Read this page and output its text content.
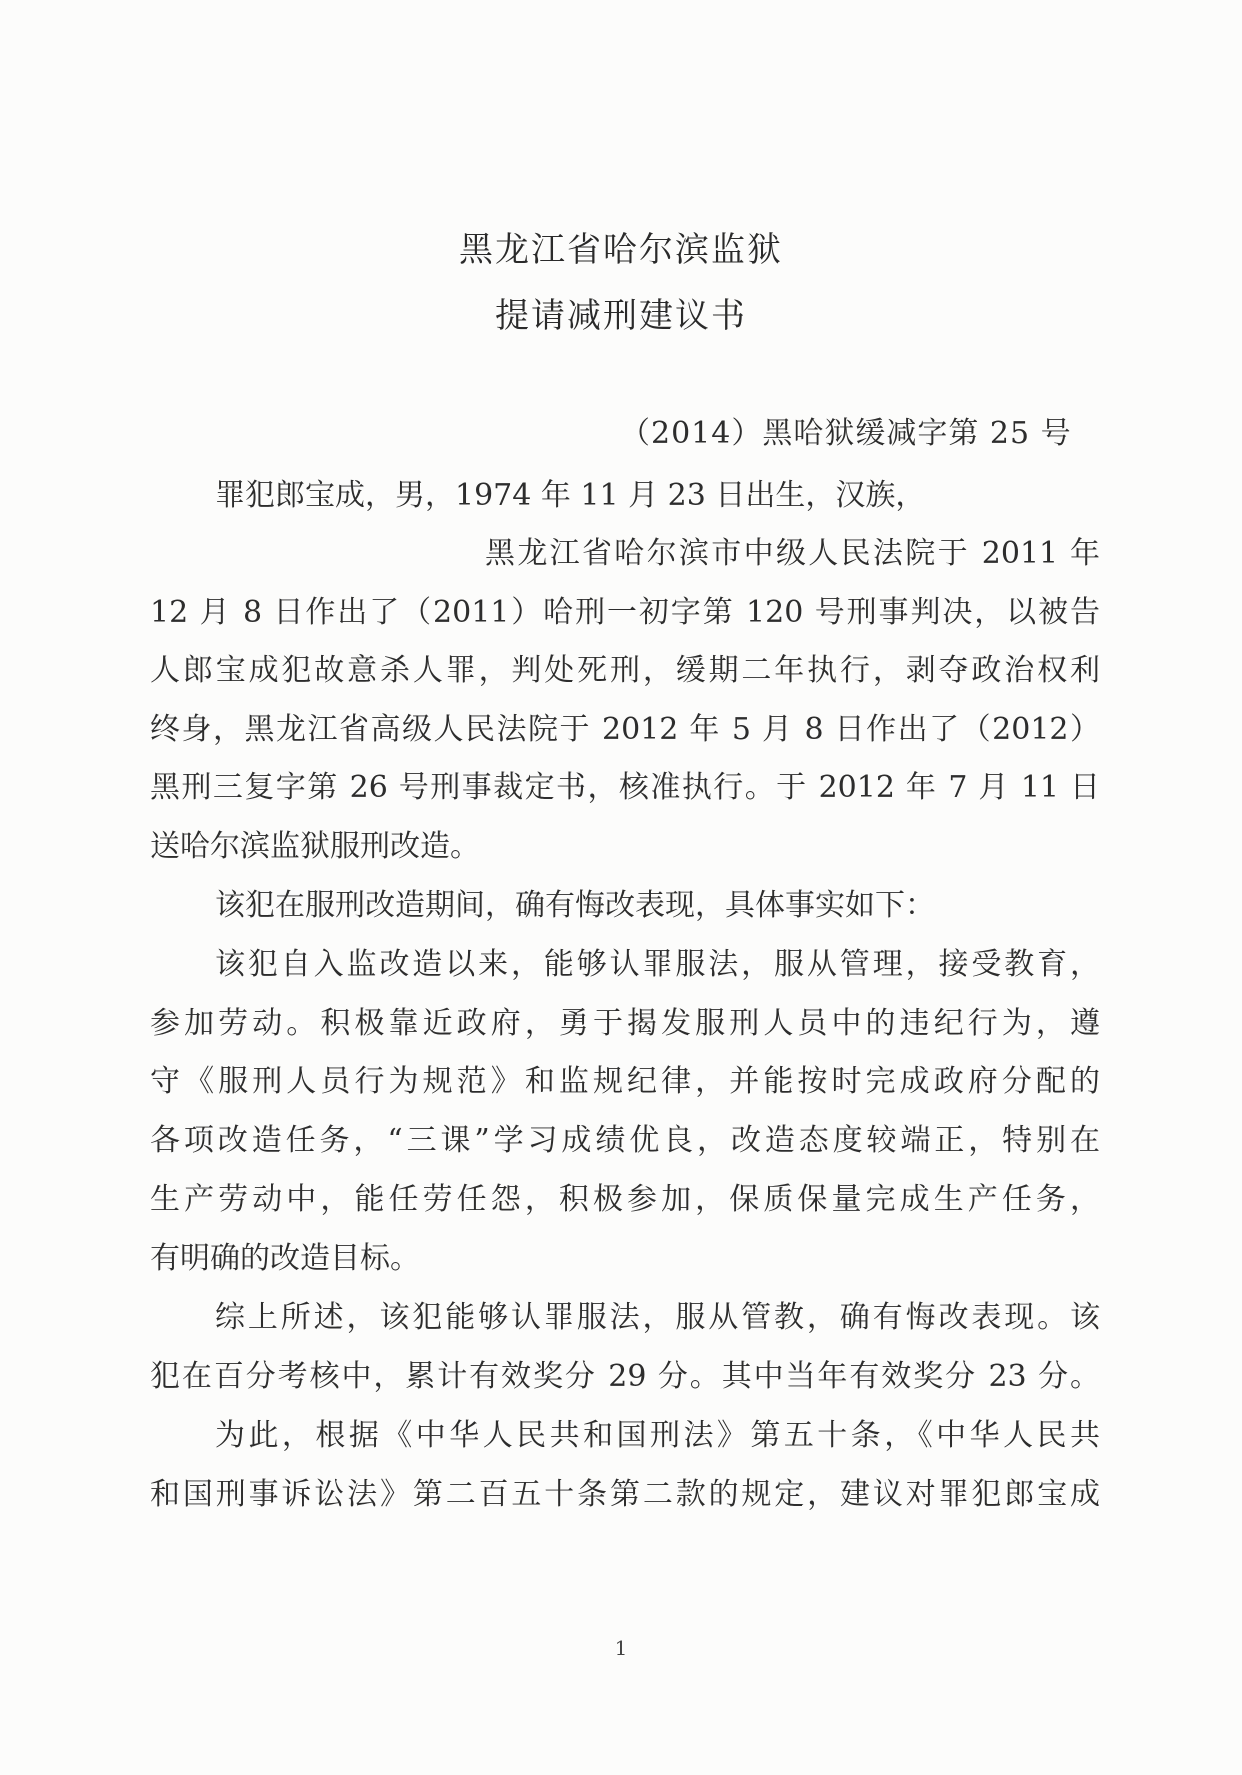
黑龙江省哈尔滨监狱
提请减刑建议书
（2014）黑哈狱缓减字第 25 号
罪犯郎宝成，男，1974 年 11 月 23 日出生，汉族，
黑龙江省哈尔滨市中级人民法院于 2011 年
12 月 8 日作出了（2011）哈刑一初字第 120 号刑事判决，以被告
人郎宝成犯故意杀人罪，判处死刑，缓期二年执行，剥夺政治权利
终身，黑龙江省高级人民法院于 2012 年 5 月 8 日作出了（2012）
黑刑三复字第 26 号刑事裁定书，核准执行。于 2012 年 7 月 11 日
送哈尔滨监狱服刑改造。
该犯在服刑改造期间，确有悔改表现，具体事实如下：
该犯自入监改造以来，能够认罪服法，服从管理，接受教育，
参加劳动。积极靠近政府，勇于揭发服刑人员中的违纪行为，遵
守《服刑人员行为规范》和监规纪律，并能按时完成政府分配的
各项改造任务，“三课”学习成绩优良，改造态度较端正，特别在
生产劳动中，能任劳任怨，积极参加，保质保量完成生产任务，
有明确的改造目标。
综上所述，该犯能够认罪服法，服从管教，确有悔改表现。该
犯在百分考核中，累计有效奖分 29 分。其中当年有效奖分 23 分。
为此，根据《中华人民共和国刑法》第五十条，《中华人民共
和国刑事诉讼法》第二百五十条第二款的规定，建议对罪犯郎宝成
1
